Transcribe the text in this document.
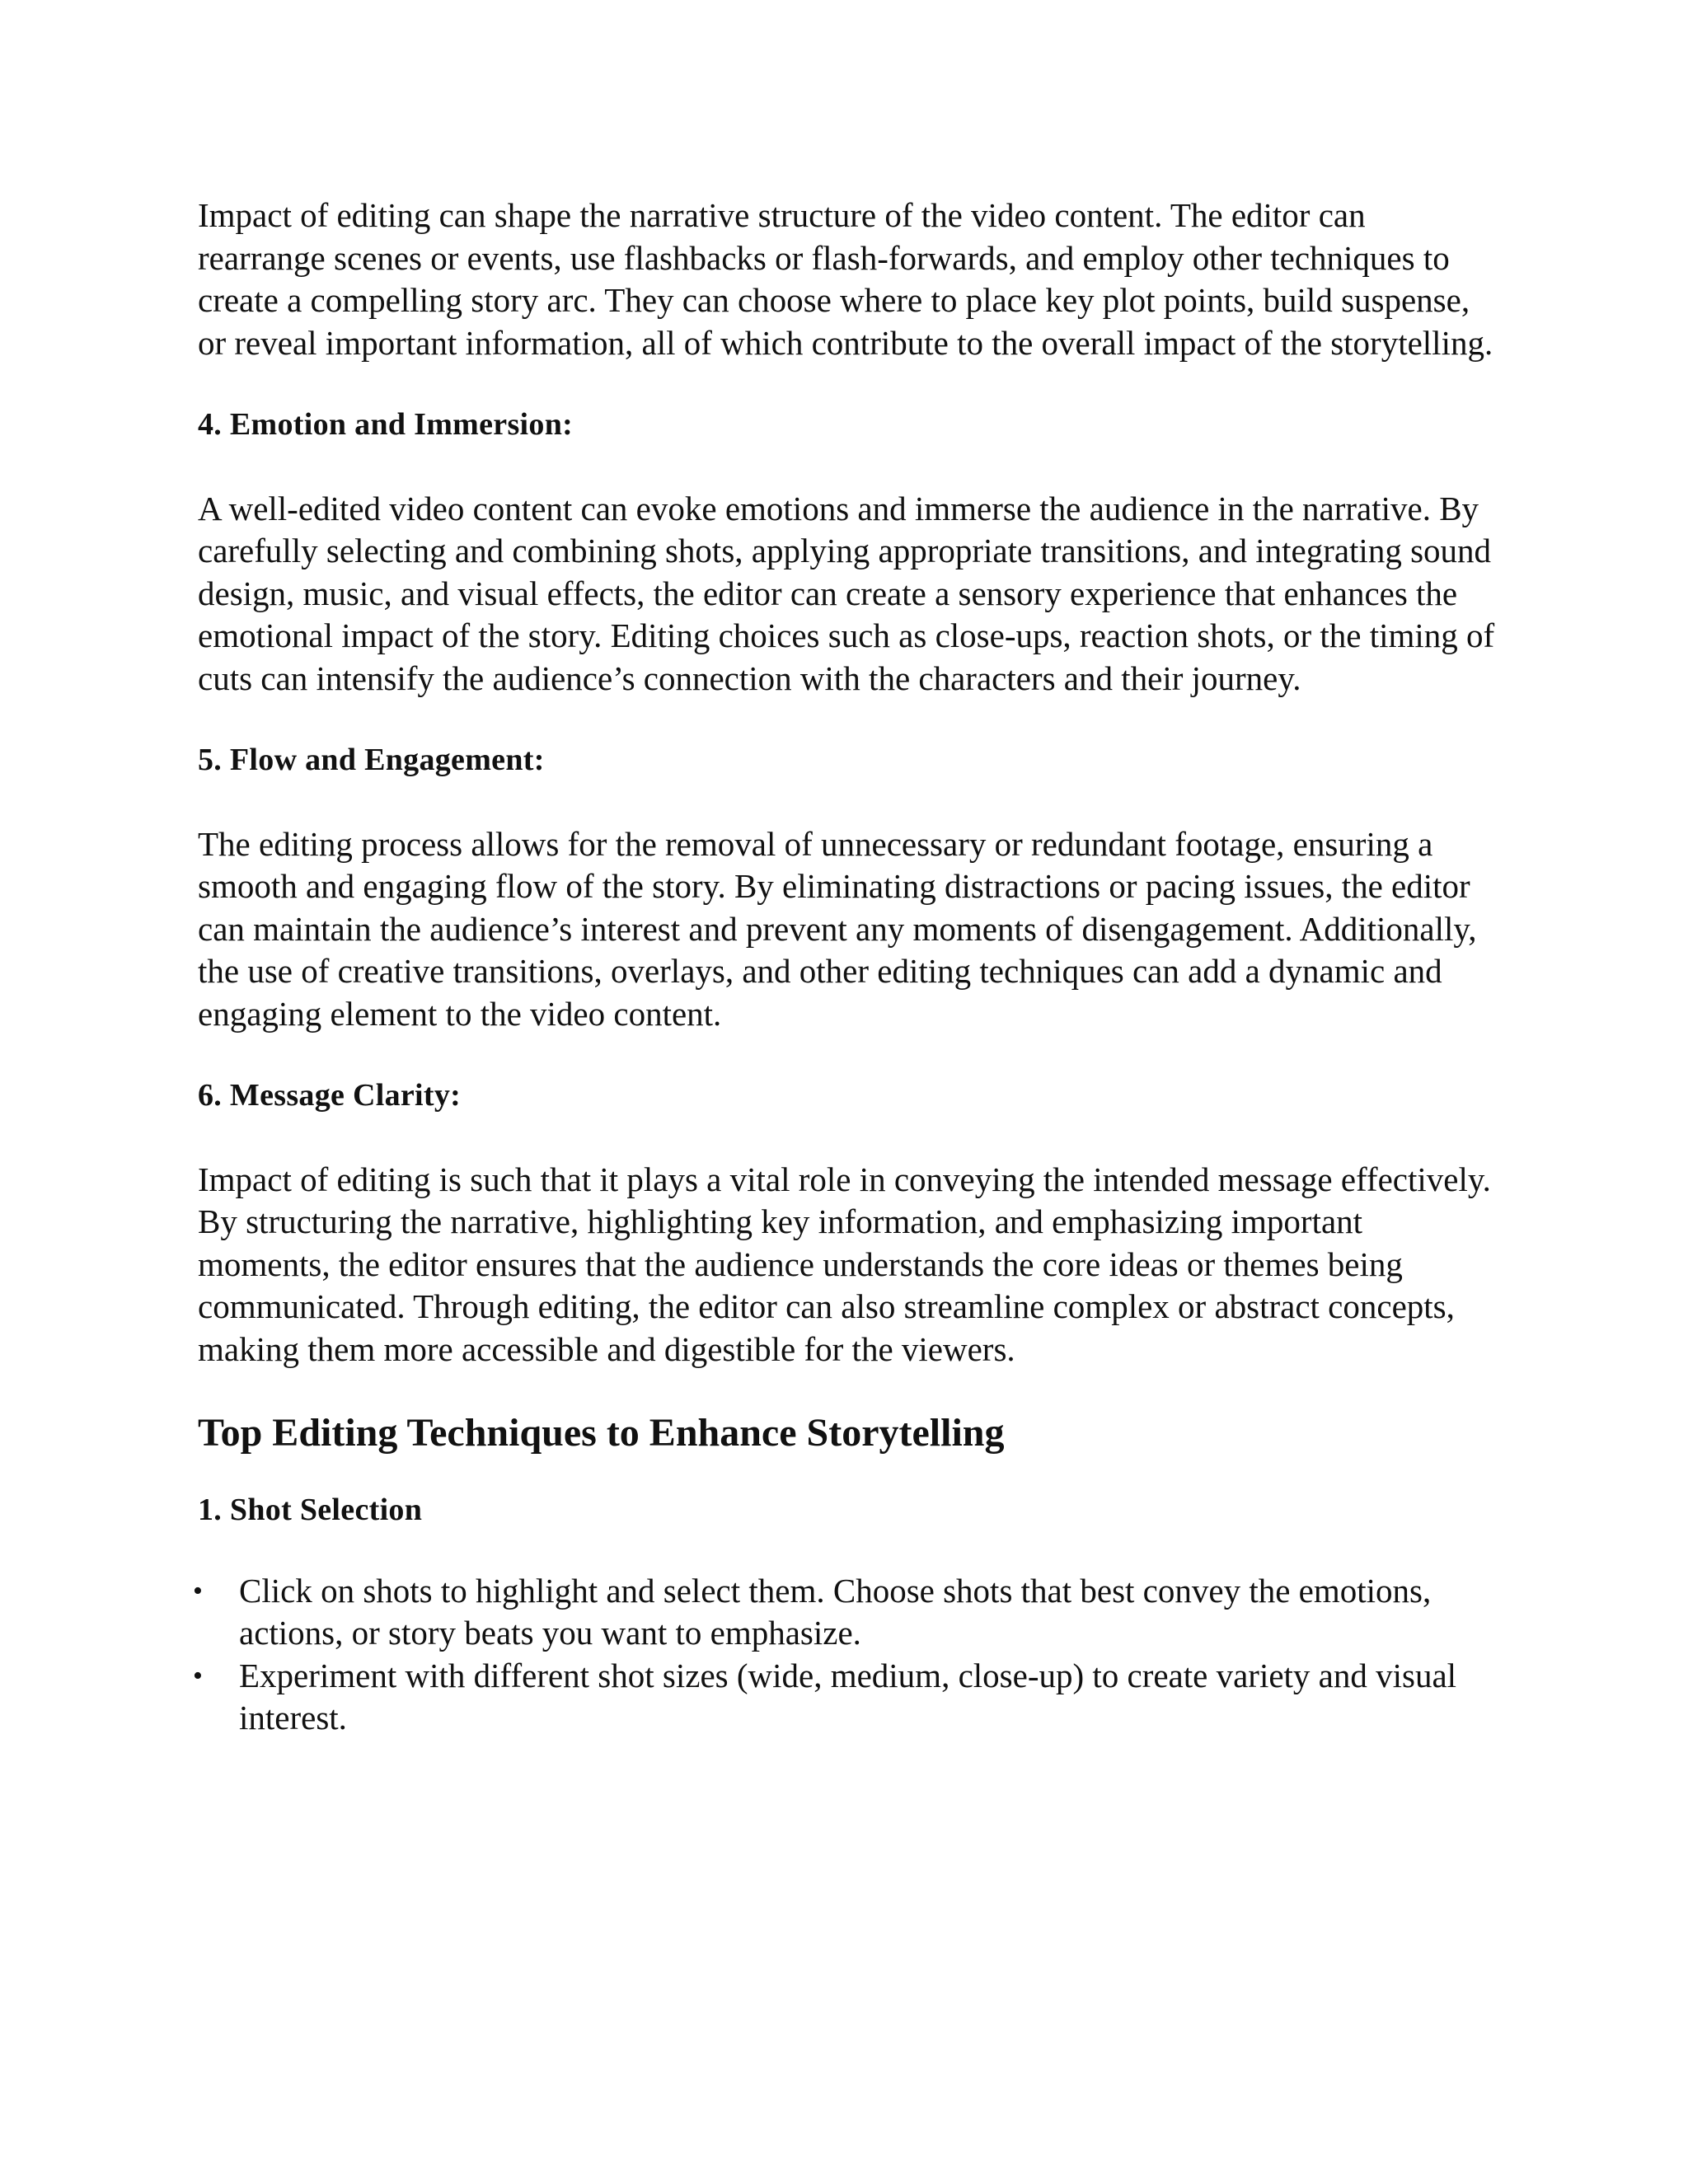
Impact of editing can shape the narrative structure of the video content. The editor can rearrange scenes or events, use flashbacks or flash-forwards, and employ other techniques to create a compelling story arc. They can choose where to place key plot points, build suspense, or reveal important information, all of which contribute to the overall impact of the storytelling.

4. Emotion and Immersion:

A well-edited video content can evoke emotions and immerse the audience in the narrative. By carefully selecting and combining shots, applying appropriate transitions, and integrating sound design, music, and visual effects, the editor can create a sensory experience that enhances the emotional impact of the story. Editing choices such as close-ups, reaction shots, or the timing of cuts can intensify the audience’s connection with the characters and their journey.

5. Flow and Engagement:

The editing process allows for the removal of unnecessary or redundant footage, ensuring a smooth and engaging flow of the story. By eliminating distractions or pacing issues, the editor can maintain the audience’s interest and prevent any moments of disengagement. Additionally, the use of creative transitions, overlays, and other editing techniques can add a dynamic and engaging element to the video content.

6. Message Clarity:

Impact of editing is such that it plays a vital role in conveying the intended message effectively. By structuring the narrative, highlighting key information, and emphasizing important moments, the editor ensures that the audience understands the core ideas or themes being communicated. Through editing, the editor can also streamline complex or abstract concepts, making them more accessible and digestible for the viewers.

Top Editing Techniques to Enhance Storytelling

1. Shot Selection

• Click on shots to highlight and select them. Choose shots that best convey the emotions, actions, or story beats you want to emphasize.
• Experiment with different shot sizes (wide, medium, close-up) to create variety and visual interest.
